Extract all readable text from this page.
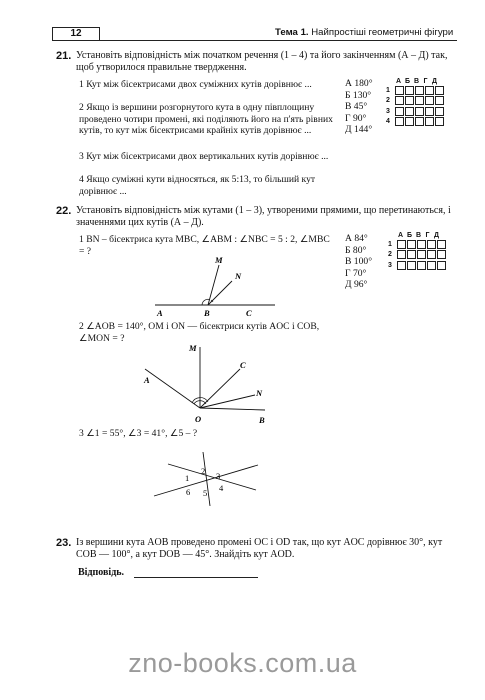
12	Тема 1. Найпростіші геометричні фігури
21. Установіть відповідність між початком речення (1 – 4) та його закінченням (А – Д) так, щоб утворилося правильне твердження.
1 Кут між бісектрисами двох суміжних кутів дорівнює ...
2 Якщо із вершини розгорнутого кута в одну півплощину проведено чотири промені, які поділяють його на п'ять рівних кутів, то кут між бісектрисами крайніх кутів дорівнює ...
3 Кут між бісектрисами двох вертикальних кутів дорівнює ...
4 Якщо суміжні кути відносяться, як 5:13, то більший кут дорівнює ...
А 180°
Б 130°
В 45°
Г 90°
Д 144°
А Б В Г Д
1
2
3
4
22. Установіть відповідність між кутами (1 – 3), утвореними прямими, що перетинаються, і значеннями цих кутів (А – Д).
1 BN – бісектриса кута MBC, ∠ABM : ∠NBC = 5 : 2, ∠MBC = ?
А 84°
Б 80°
В 100°
Г 70°
Д 96°
А Б В Г Д
1
2
3
M
N
A	B	C
2 ∠AOB = 140°, OM і ON — бісектриси кутів AOC і COB, ∠MON = ?
M
A
C
N
O	B
3 ∠1 = 55°, ∠3 = 41°, ∠5 – ?
1
2 3
4
5
6
23. Із вершини кута AOB проведено промені OC і OD так, що кут AOC дорівнює 30°, кут COB — 100°, а кут DOB — 45°. Знайдіть кут AOD.
Відповідь.
zno-books.com.ua
